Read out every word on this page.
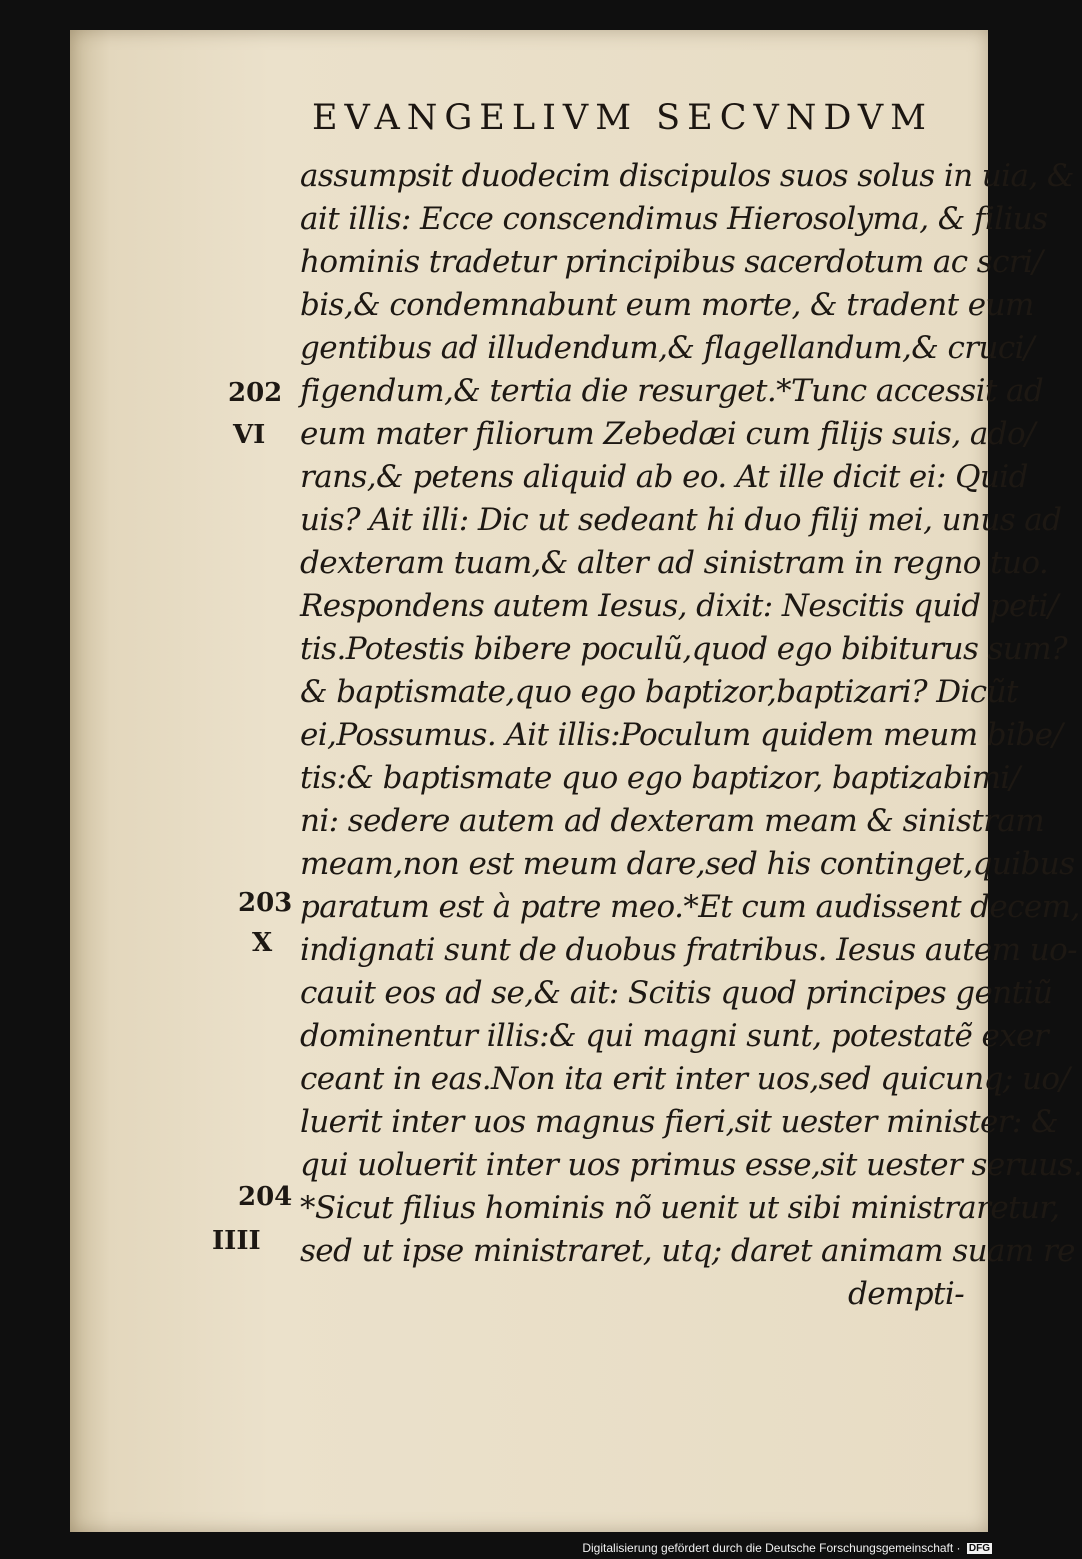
EVANGELIVM SECVNDVM
assumpsit duodecim discipulos suos solus in uia, &
ait illis: Ecce conscendimus Hierosolyma, & filius
hominis tradetur principibus sacerdotum ac scri/
bis,& condemnabunt eum morte, & tradent eum
gentibus ad illudendum,& flagellandum,& cruci/
figendum,& tertia die resurget.*Tunc accessit ad
eum mater filiorum Zebedæi cum filijs suis, ado/
rans,& petens aliquid ab eo. At ille dicit ei: Quid
uis? Ait illi: Dic ut sedeant hi duo filij mei, unus ad
dexteram tuam,& alter ad sinistram in regno tuo.
Respondens autem Iesus, dixit: Nescitis quid peti/
tis.Potestis bibere poculũ,quod ego bibiturus sum?
& baptismate,quo ego baptizor,baptizari? Dicũt
ei,Possumus. Ait illis:Poculum quidem meum bibe/
tis:& baptismate quo ego baptizor, baptizabimi/
ni: sedere autem ad dexteram meam & sinistram
meam,non est meum dare,sed his continget,quibus
paratum est à patre meo.*Et cum audissent decem,
indignati sunt de duobus fratribus. Iesus autem uo-
cauit eos ad se,& ait: Scitis quod principes gentiũ
dominentur illis:& qui magni sunt, potestatẽ exer
ceant in eas.Non ita erit inter uos,sed quicunq; uo/
luerit inter uos magnus fieri,sit uester minister: &
qui uoluerit inter uos primus esse,sit uester seruus.
*Sicut filius hominis nõ uenit ut sibi ministraretur,
sed ut ipse ministraret, utq; daret animam suam re
dempti-
202
VI
203
X
204
IIII
Digitalisierung gefördert durch die Deutsche Forschungsgemeinschaft · DFG
